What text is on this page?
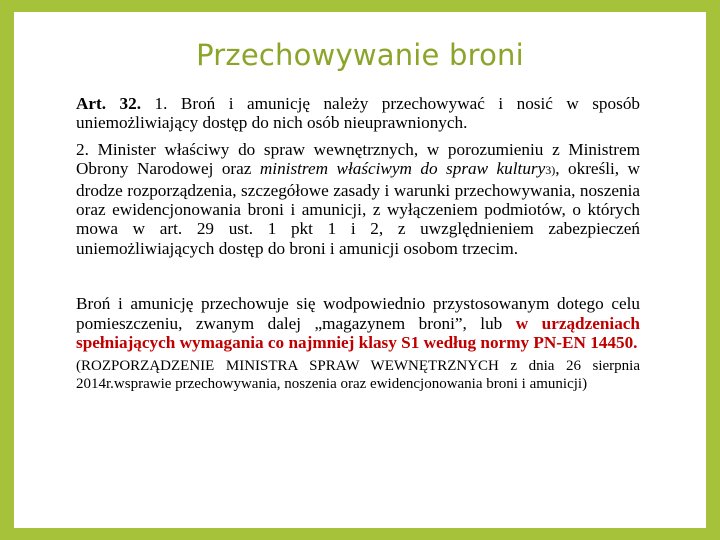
Przechowywanie broni

Art. 32. 1. Broń i amunicję należy przechowywać i nosić w sposób uniemożliwiający dostęp do nich osób nieuprawnionych.

2. Minister właściwy do spraw wewnętrznych, w porozumieniu z Ministrem Obrony Narodowej oraz ministrem właściwym do spraw kultury3), określi, w drodze rozporządzenia, szczegółowe zasady i warunki przechowywania, noszenia oraz ewidencjonowania broni i amunicji, z wyłączeniem podmiotów, o których mowa w art. 29 ust. 1 pkt 1 i 2, z uwzględnieniem zabezpieczeń uniemożliwiających dostęp do broni i amunicji osobom trzecim.

Broń i amunicję przechowuje się wodpowiednio przystosowanym dotego celu pomieszczeniu, zwanym dalej „magazynem broni”, lub w urządzeniach spełniających wymagania co najmniej klasy S1 według normy PN-EN 14450.

(ROZPORZĄDZENIE MINISTRA SPRAW WEWNĘTRZNYCH z dnia 26 sierpnia 2014r.wsprawie przechowywania, noszenia oraz ewidencjonowania broni i amunicji)
